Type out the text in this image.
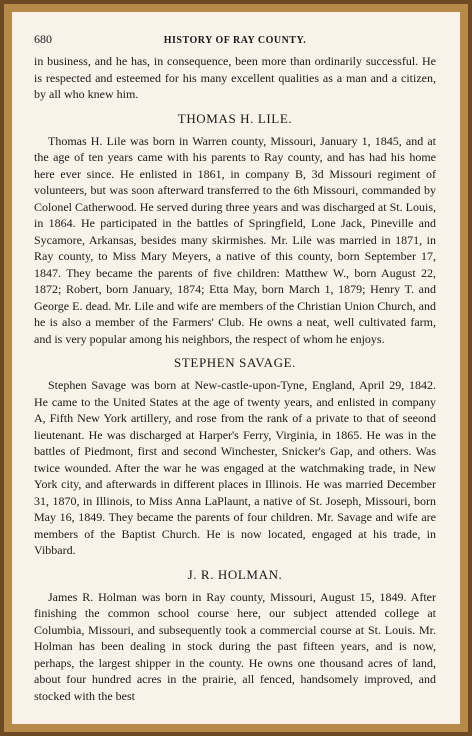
680	HISTORY OF RAY COUNTY.

in business, and he has, in consequence, been more than ordinarily successful. He is respected and esteemed for his many excellent qualities as a man and a citizen, by all who knew him.

THOMAS H. LILE.

Thomas H. Lile was born in Warren county, Missouri, January 1, 1845, and at the age of ten years came with his parents to Ray county, and has had his home here ever since. He enlisted in 1861, in company B, 3d Missouri regiment of volunteers, but was soon afterward transferred to the 6th Missouri, commanded by Colonel Catherwood. He served during three years and was discharged at St. Louis, in 1864. He participated in the battles of Springfield, Lone Jack, Pineville and Sycamore, Arkansas, besides many skirmishes. Mr. Lile was married in 1871, in Ray county, to Miss Mary Meyers, a native of this county, born September 17, 1847. They became the parents of five children: Matthew W., born August 22, 1872; Robert, born January, 1874; Etta May, born March 1, 1879; Henry T. and George E. dead. Mr. Lile and wife are members of the Christian Union Church, and he is also a member of the Farmers' Club. He owns a neat, well cultivated farm, and is very popular among his neighbors, the respect of whom he enjoys.

STEPHEN SAVAGE.

Stephen Savage was born at New-castle-upon-Tyne, England, April 29, 1842. He came to the United States at the age of twenty years, and enlisted in company A, Fifth New York artillery, and rose from the rank of a private to that of seeond lieutenant. He was discharged at Harper's Ferry, Virginia, in 1865. He was in the battles of Piedmont, first and second Winchester, Snicker's Gap, and others. Was twice wounded. After the war he was engaged at the watchmaking trade, in New York city, and afterwards in different places in Illinois. He was married December 31, 1870, in Illinois, to Miss Anna LaPlaunt, a native of St. Joseph, Missouri, born May 16, 1849. They became the parents of four children. Mr. Savage and wife are members of the Baptist Church. He is now located, engaged at his trade, in Vibbard.

J. R. HOLMAN.

James R. Holman was born in Ray county, Missouri, August 15, 1849. After finishing the common school course here, our subject attended college at Columbia, Missouri, and subsequently took a commercial course at St. Louis. Mr. Holman has been dealing in stock during the past fifteen years, and is now, perhaps, the largest shipper in the county. He owns one thousand acres of land, about four hundred acres in the prairie, all fenced, handsomely improved, and stocked with the best
